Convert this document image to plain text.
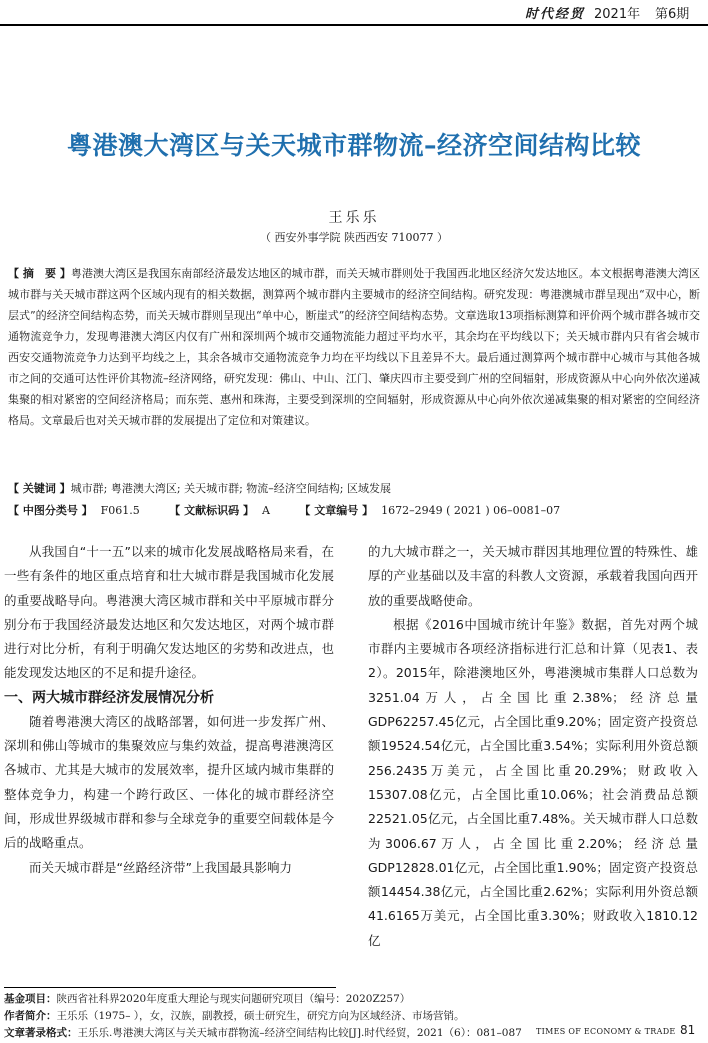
时代经贸 2021年 第6期
粤港澳大湾区与关天城市群物流–经济空间结构比较
王乐乐
（ 西安外事学院 陕西西安 710077 ）
【 摘　要 】粤港澳大湾区是我国东南部经济最发达地区的城市群，而关天城市群则处于我国西北地区经济欠发达地区。本文根据粤港澳大湾区城市群与关天城市群这两个区域内现有的相关数据，测算两个城市群内主要城市的经济空间结构。研究发现：粤港澳城市群呈现出“双中心，断层式”的经济空间结构态势，而关天城市群则呈现出“单中心，断崖式”的经济空间结构态势。文章选取13项指标测算和评价两个城市群各城市交通物流竞争力，发现粤港澳大湾区内仅有广州和深圳两个城市交通物流能力超过平均水平，其余均在平均线以下；关天城市群内只有省会城市西安交通物流竞争力达到平均线之上，其余各城市交通物流竞争力均在平均线以下且差异不大。最后通过测算两个城市群中心城市与其他各城市之间的交通可达性评价其物流–经济网络，研究发现：佛山、中山、江门、肇庆四市主要受到广州的空间辐射，形成资源从中心向外依次递减集聚的相对紧密的空间经济格局；而东莞、惠州和珠海，主要受到深圳的空间辐射，形成资源从中心向外依次递减集聚的相对紧密的空间经济格局。文章最后也对关天城市群的发展提出了定位和对策建议。
【 关键词 】城市群; 粤港澳大湾区; 关天城市群; 物流–经济空间结构; 区域发展
【 中图分类号 】 F061.5	【 文献标识码 】 A	【 文章编号 】 1672–2949 ( 2021 ) 06–0081–07

从我国自“十一五”以来的城市化发展战略格局来看，在一些有条件的地区重点培育和壮大城市群是我国城市化发展的重要战略导向。粤港澳大湾区城市群和关中平原城市群分别分布于我国经济最发达地区和欠发达地区，对两个城市群进行对比分析，有利于明确欠发达地区的劣势和改进点，也能发现发达地区的不足和提升途径。

一、两大城市群经济发展情况分析

随着粤港澳大湾区的战略部署，如何进一步发挥广州、深圳和佛山等城市的集聚效应与集约效益，提高粤港澳湾区各城市、尤其是大城市的发展效率，提升区域内城市集群的整体竞争力，构建一个跨行政区、一体化的城市群经济空间，形成世界级城市群和参与全球竞争的重要空间载体是今后的战略重点。

而关天城市群是“丝路经济带”上我国最具影响力

的九大城市群之一，关天城市群因其地理位置的特殊性、雄厚的产业基础以及丰富的科教人文资源，承载着我国向西开放的重要战略使命。

根据《2016中国城市统计年鉴》数据，首先对两个城市群内主要城市各项经济指标进行汇总和计算（见表1、表2）。2015年，除港澳地区外，粤港澳城市集群人口总数为3251.04万人，占全国比重2.38%；经济总量GDP62257.45亿元，占全国比重9.20%；固定资产投资总额19524.54亿元，占全国比重3.54%；实际利用外资总额256.2435万美元，占全国比重20.29%；财政收入15307.08亿元，占全国比重10.06%；社会消费品总额22521.05亿元，占全国比重7.48%。关天城市群人口总数为3006.67万人，占全国比重2.20%；经济总量GDP12828.01亿元，占全国比重1.90%；固定资产投资总额14454.38亿元，占全国比重2.62%；实际利用外资总额41.6165万美元，占全国比重3.30%；财政收入1810.12亿

基金项目：陕西省社科界2020年度重大理论与现实问题研究项目（编号：2020Z257）
作者简介：王乐乐（1975– ），女，汉族，副教授，硕士研究生，研究方向为区域经济、市场营销。
文章著录格式：王乐乐.粤港澳大湾区与关天城市群物流–经济空间结构比较[J].时代经贸，2021（6）：081–087 TIMES OF ECONOMY & TRADE 81
